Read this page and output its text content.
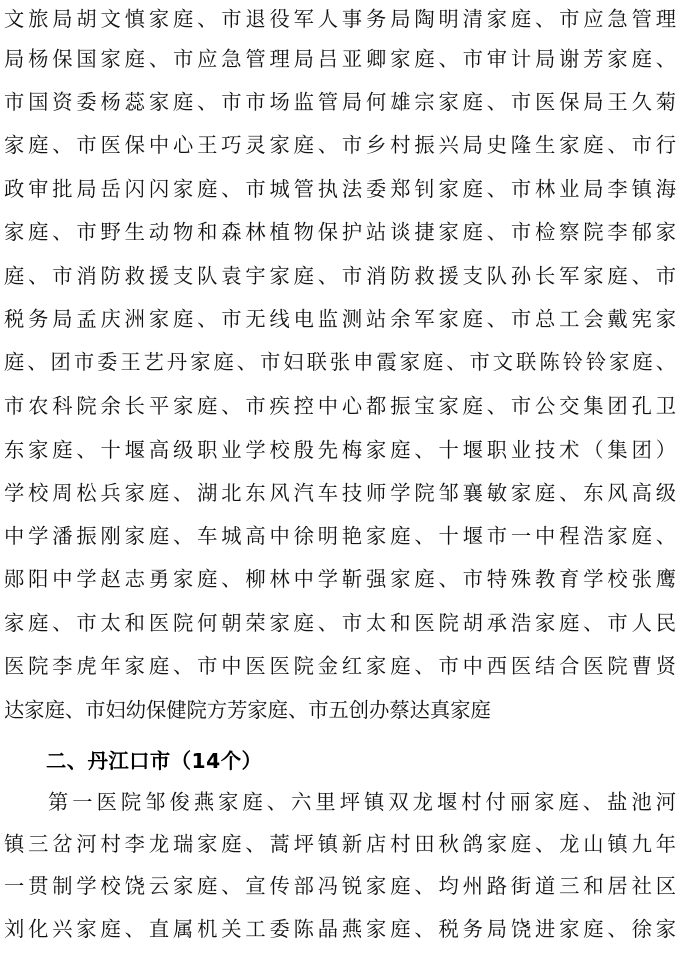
文旅局胡文慎家庭、市退役军人事务局陶明清家庭、市应急管理
局杨保国家庭、市应急管理局吕亚卿家庭、市审计局谢芳家庭、
市国资委杨蕊家庭、市市场监管局何雄宗家庭、市医保局王久菊
家庭、市医保中心王巧灵家庭、市乡村振兴局史隆生家庭、市行
政审批局岳闪闪家庭、市城管执法委郑钊家庭、市林业局李镇海
家庭、市野生动物和森林植物保护站谈捷家庭、市检察院李郁家
庭、市消防救援支队袁宇家庭、市消防救援支队孙长军家庭、市
税务局孟庆洲家庭、市无线电监测站余军家庭、市总工会戴宪家
庭、团市委王艺丹家庭、市妇联张申霞家庭、市文联陈铃铃家庭、
市农科院余长平家庭、市疾控中心都振宝家庭、市公交集团孔卫
东家庭、十堰高级职业学校殷先梅家庭、十堰职业技术（集团）
学校周松兵家庭、湖北东风汽车技师学院邹襄敏家庭、东风高级
中学潘振刚家庭、车城高中徐明艳家庭、十堰市一中程浩家庭、
郧阳中学赵志勇家庭、柳林中学靳强家庭、市特殊教育学校张鹰
家庭、市太和医院何朝荣家庭、市太和医院胡承浩家庭、市人民
医院李虎年家庭、市中医医院金红家庭、市中西医结合医院曹贤
达家庭、市妇幼保健院方芳家庭、市五创办蔡达真家庭
二、丹江口市（14个）
第一医院邹俊燕家庭、六里坪镇双龙堰村付丽家庭、盐池河
镇三岔河村李龙瑞家庭、蒿坪镇新店村田秋鸽家庭、龙山镇九年
一贯制学校饶云家庭、宣传部冯锐家庭、均州路街道三和居社区
刘化兴家庭、直属机关工委陈晶燕家庭、税务局饶进家庭、徐家
